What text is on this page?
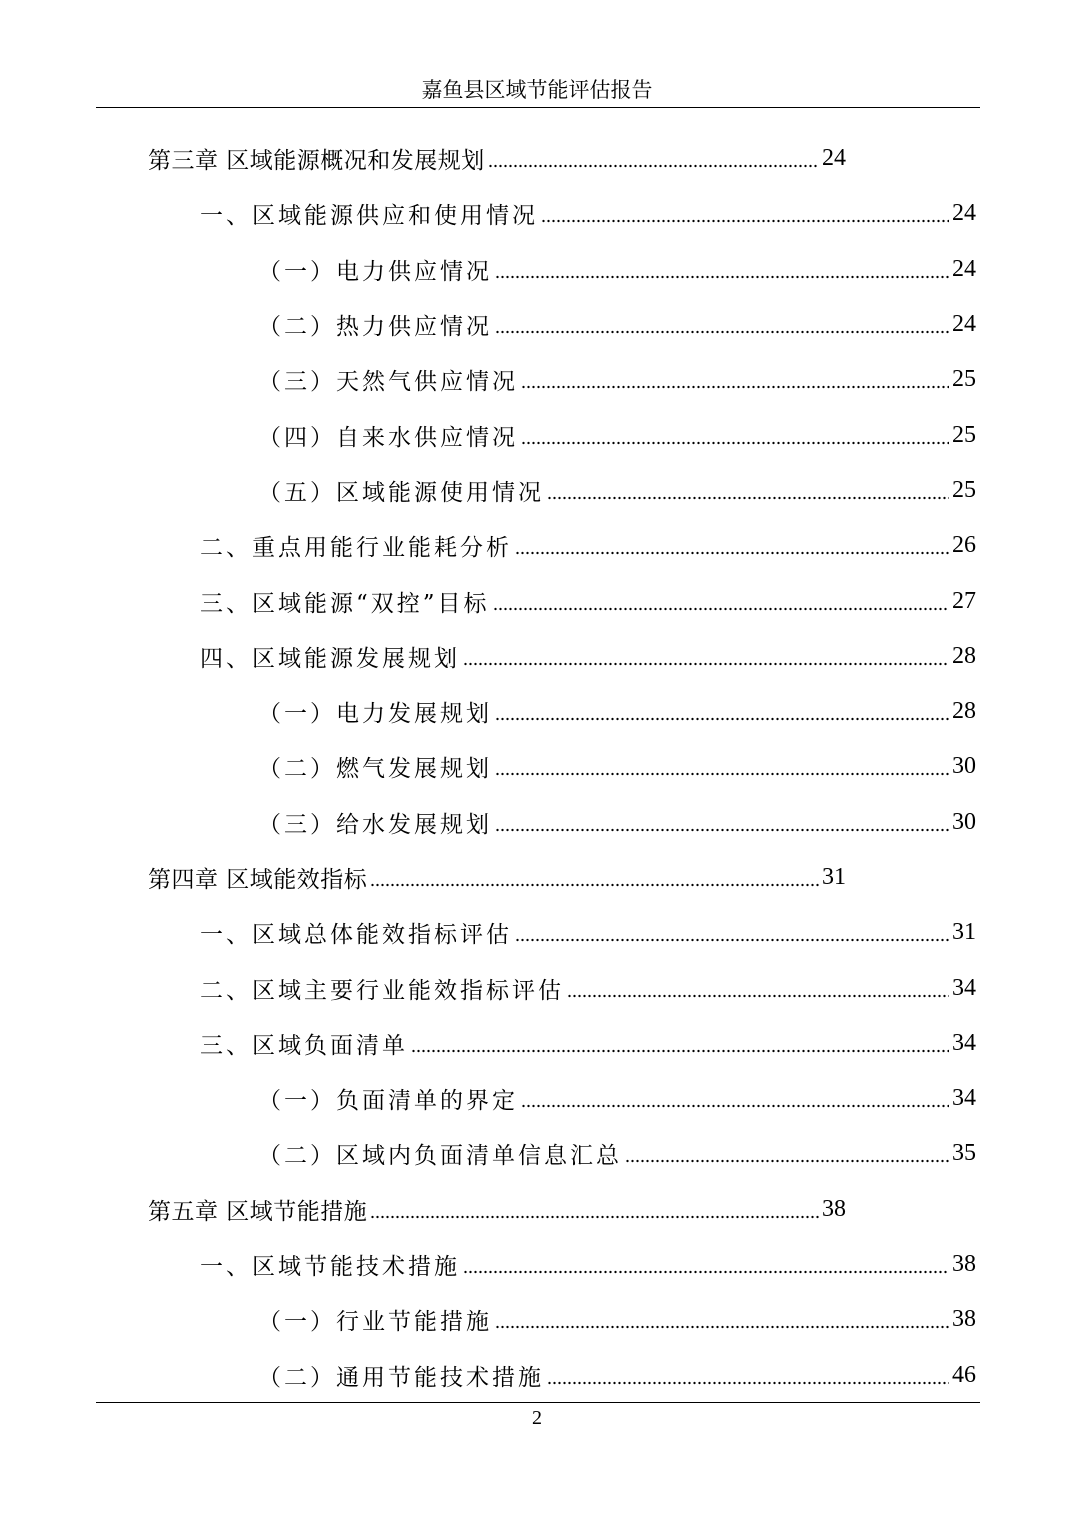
嘉鱼县区域节能评估报告
第三章 区域能源概况和发展规划	24
一、区域能源供应和使用情况	24
（一）电力供应情况	24
（二）热力供应情况	24
（三）天然气供应情况	25
（四）自来水供应情况	25
（五）区域能源使用情况	25
二、重点用能行业能耗分析	26
三、区域能源“双控”目标	27
四、区域能源发展规划	28
（一）电力发展规划	28
（二）燃气发展规划	30
（三）给水发展规划	30
第四章 区域能效指标	31
一、区域总体能效指标评估	31
二、区域主要行业能效指标评估	34
三、区域负面清单	34
（一）负面清单的界定	34
（二）区域内负面清单信息汇总	35
第五章 区域节能措施	38
一、区域节能技术措施	38
（一）行业节能措施	38
（二）通用节能技术措施	46
2
